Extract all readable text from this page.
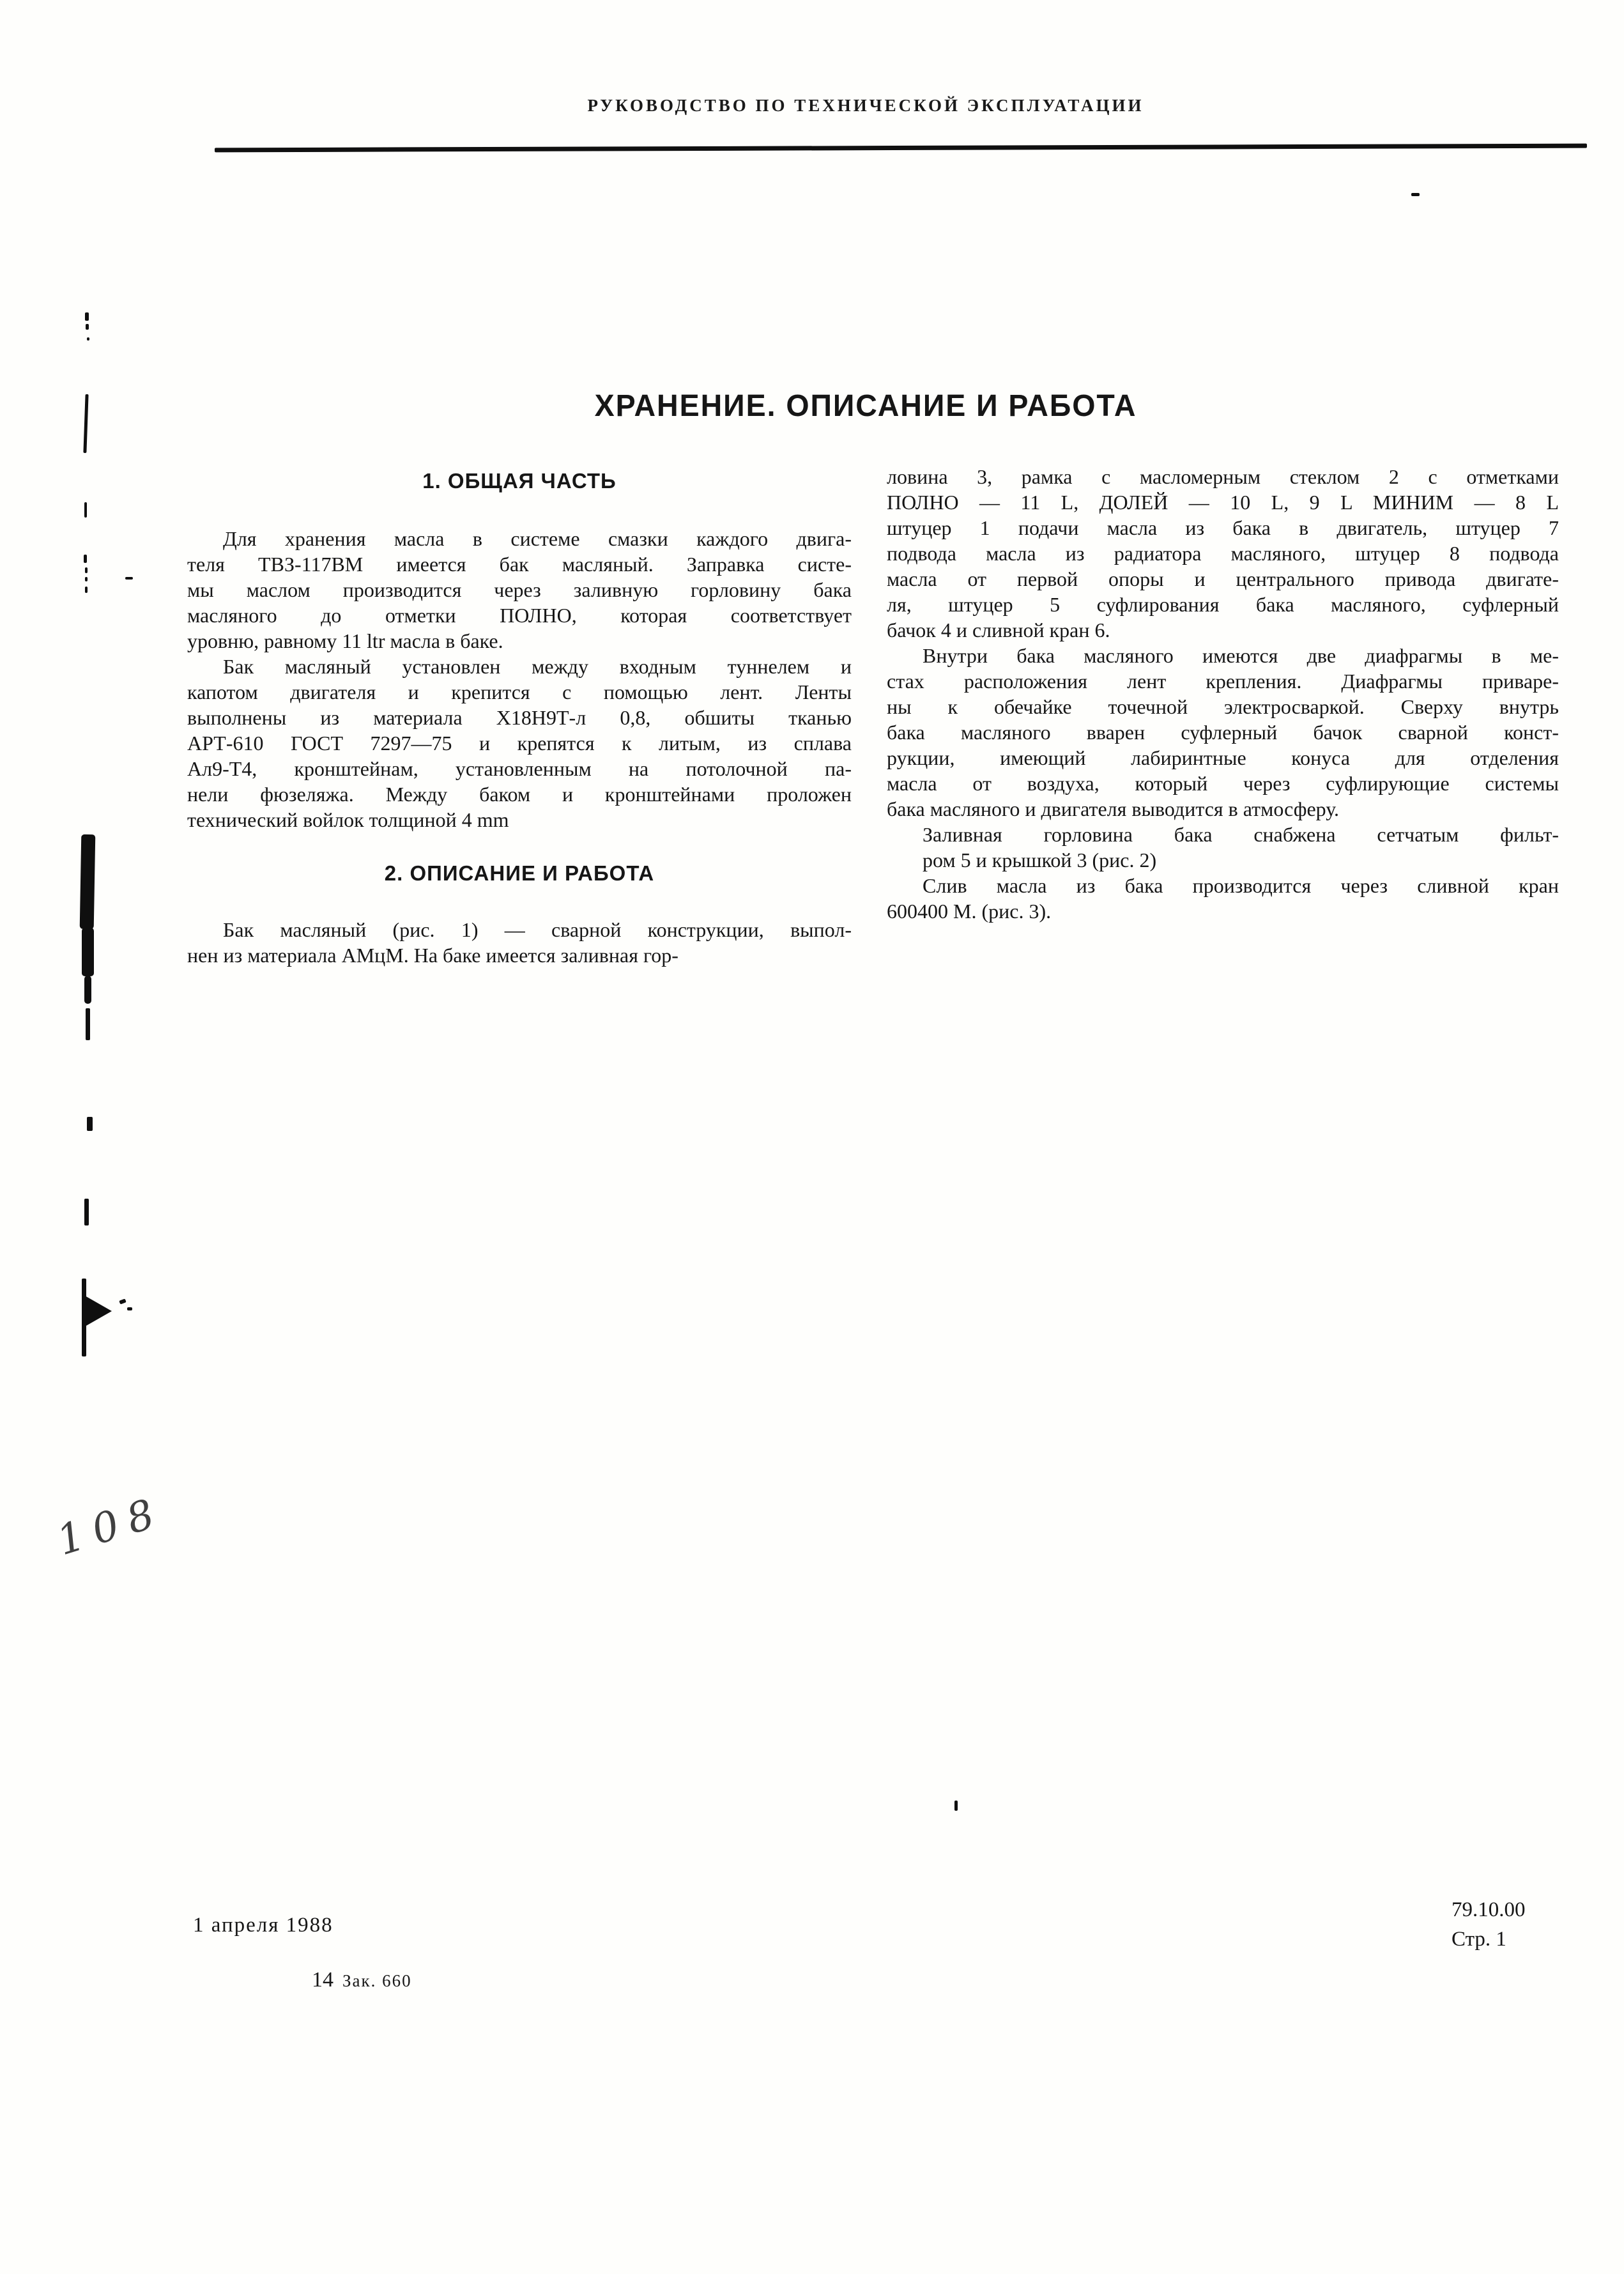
РУКОВОДСТВО ПО ТЕХНИЧЕСКОЙ ЭКСПЛУАТАЦИИ
ХРАНЕНИЕ. ОПИСАНИЕ И РАБОТА
1. ОБЩАЯ ЧАСТЬ
Для хранения масла в системе смазки каждого двига-
теля ТВЗ-117ВМ имеется бак масляный. Заправка систе-
мы маслом производится через заливную горловину бака
масляного до отметки ПОЛНО, которая соответствует
уровню, равному 11 ltr масла в баке.
Бак масляный установлен между входным туннелем и
капотом двигателя и крепится с помощью лент. Ленты
выполнены из материала Х18Н9Т-л 0,8, обшиты тканью
АРТ-610 ГОСТ 7297—75 и крепятся к литым, из сплава
Ал9-Т4, кронштейнам, установленным на потолочной па-
нели фюзеляжа. Между баком и кронштейнами проложен
технический войлок толщиной 4 mm
2. ОПИСАНИЕ И РАБОТА
Бак масляный (рис. 1) — сварной конструкции, выпол-
нен из материала АМцМ. На баке имеется заливная гор-
ловина 3, рамка с масломерным стеклом 2 с отметками
ПОЛНО — 11 L, ДОЛЕЙ — 10 L, 9 L МИНИМ — 8 L
штуцер 1 подачи масла из бака в двигатель, штуцер 7
подвода масла из радиатора масляного, штуцер 8 подвода
масла от первой опоры и центрального привода двигате-
ля, штуцер 5 суфлирования бака масляного, суфлерный
бачок 4 и сливной кран 6.
Внутри бака масляного имеются две диафрагмы в ме-
стах расположения лент крепления. Диафрагмы приваре-
ны к обечайке точечной электросваркой. Сверху внутрь
бака масляного вварен суфлерный бачок сварной конст-
рукции, имеющий лабиринтные конуса для отделения
масла от воздуха, который через суфлирующие системы
бака масляного и двигателя выводится в атмосферу.
Заливная горловина бака снабжена сетчатым фильт-
ром 5 и крышкой 3 (рис. 2)
Слив масла из бака производится через сливной кран
600400 М. (рис. 3).
1 апреля 1988
14 Зак. 660
79.10.00
Стр. 1
108
